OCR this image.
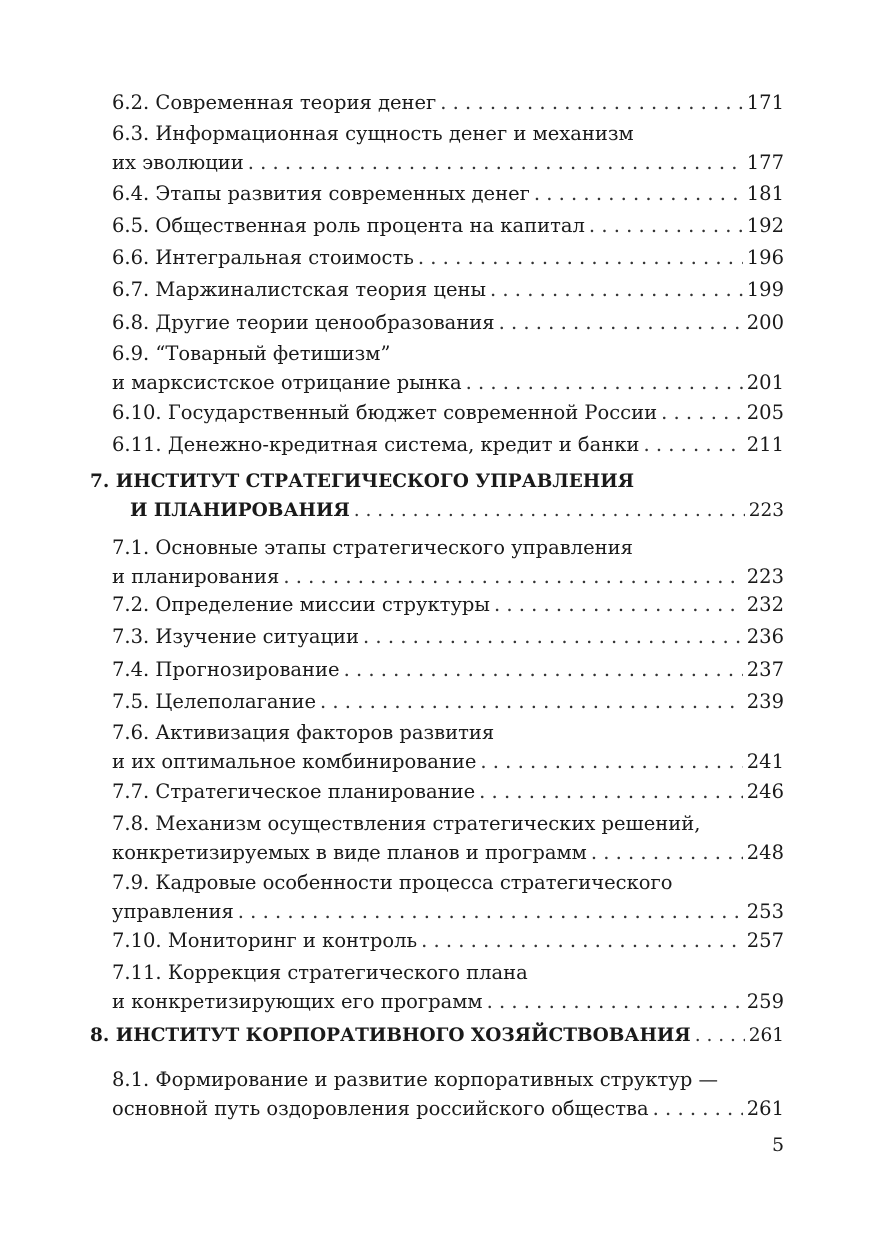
6.2. Современная теория денег . . .	171
6.3. Информационная сущность денег и механизм
их эволюции . . .	177
6.4. Этапы развития современных денег . . .	181
6.5. Общественная роль процента на капитал . . .	192
6.6. Интегральная стоимость . . .	196
6.7. Маржиналистская теория цены . . .	199
6.8. Другие теории ценообразования . . .	200
6.9. “Товарный фетишизм”
и марксистское отрицание рынка . . .	201
6.10. Государственный бюджет современной России . . .	205
6.11. Денежно-кредитная система, кредит и банки . . .	211
7. ИНСТИТУТ СТРАТЕГИЧЕСКОГО УПРАВЛЕНИЯ
И ПЛАНИРОВАНИЯ . . .	223
7.1. Основные этапы стратегического управления
и планирования . . .	223
7.2. Определение миссии структуры . . .	232
7.3. Изучение ситуации . . .	236
7.4. Прогнозирование . . .	237
7.5. Целеполагание . . .	239
7.6. Активизация факторов развития
и их оптимальное комбинирование . . .	241
7.7. Стратегическое планирование . . .	246
7.8. Механизм осуществления стратегических решений,
конкретизируемых в виде планов и программ . . .	248
7.9. Кадровые особенности процесса стратегического
управления . . .	253
7.10. Мониторинг и контроль . . .	257
7.11. Коррекция стратегического плана
и конкретизирующих его программ . . .	259
8. ИНСТИТУТ КОРПОРАТИВНОГО ХОЗЯЙСТВОВАНИЯ . . .	261
8.1. Формирование и развитие корпоративных структур —
основной путь оздоровления российского общества . . .	261
5
